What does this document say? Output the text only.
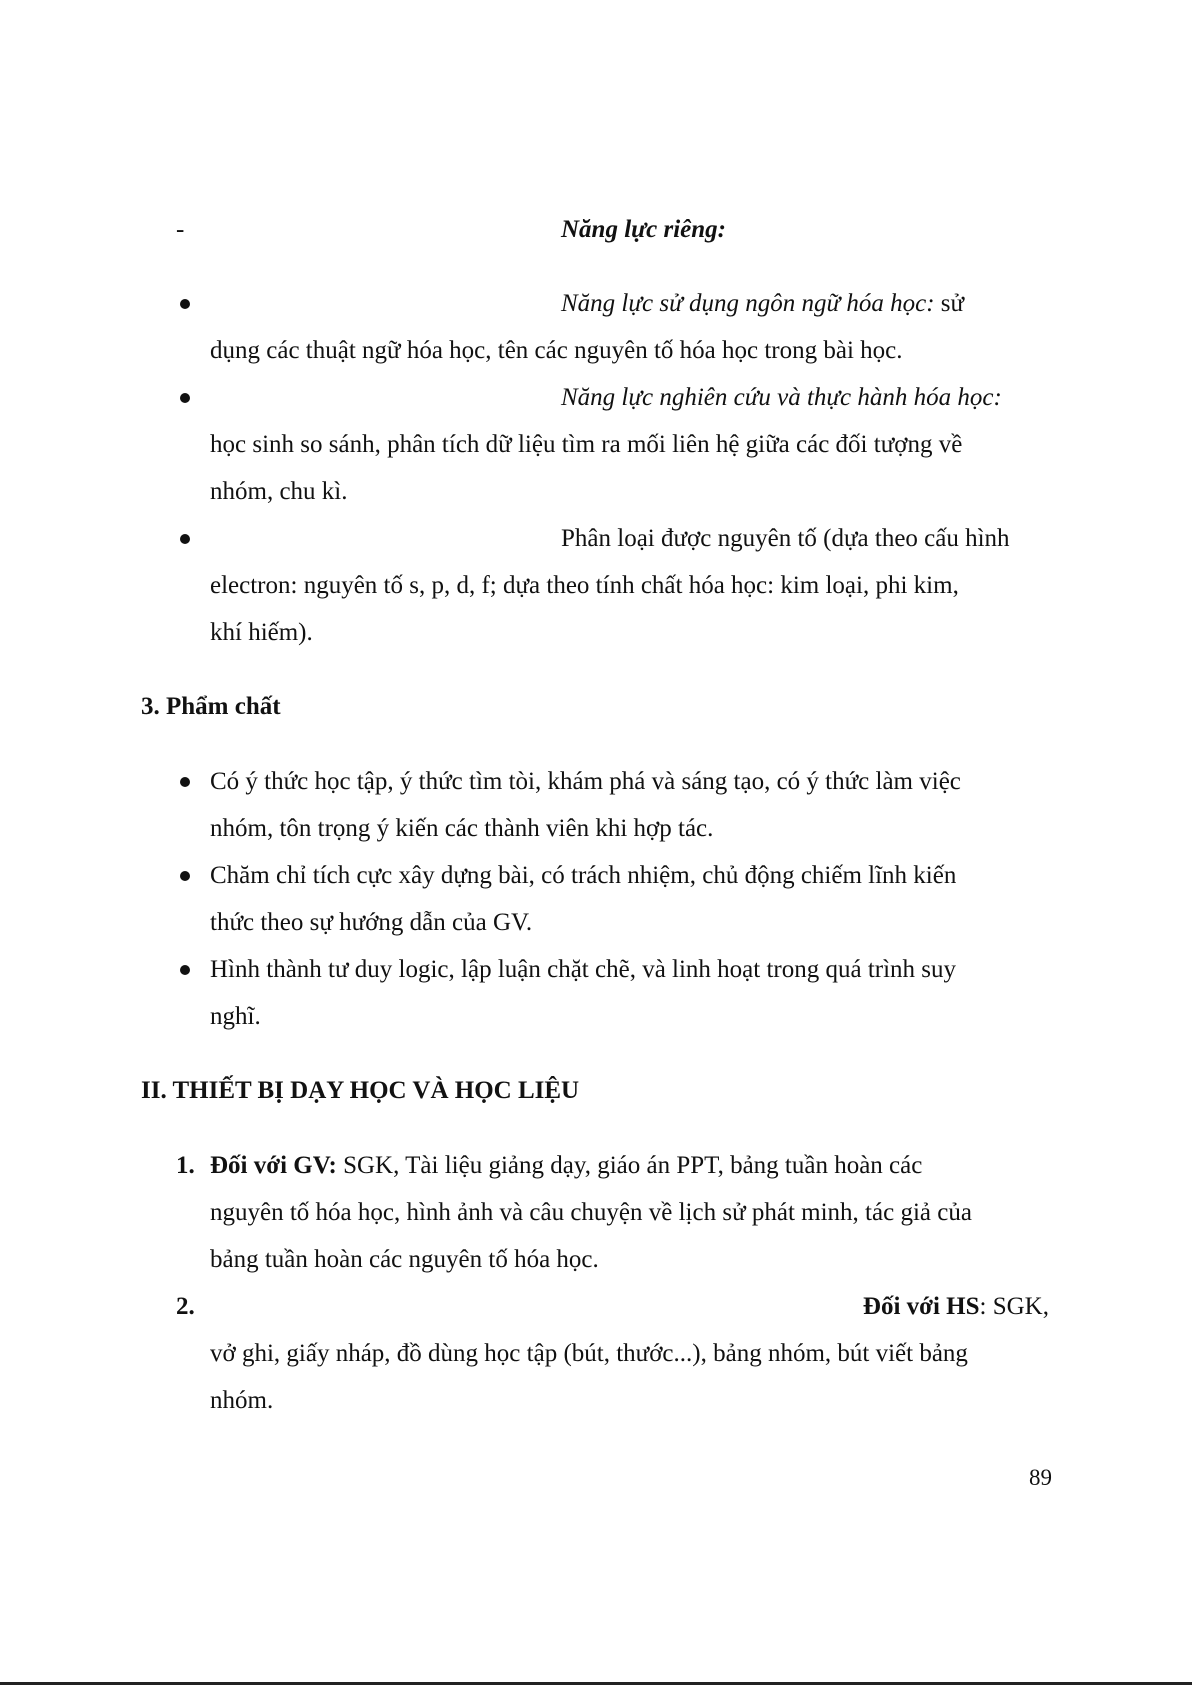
-	Năng lực riêng:
Năng lực sử dụng ngôn ngữ hóa học: sử
dụng các thuật ngữ hóa học, tên các nguyên tố hóa học trong bài học.
Năng lực nghiên cứu và thực hành hóa học:
học sinh so sánh, phân tích dữ liệu tìm ra mối liên hệ giữa các đối tượng về
nhóm, chu kì.
Phân loại được nguyên tố (dựa theo cấu hình
electron: nguyên tố s, p, d, f; dựa theo tính chất hóa học: kim loại, phi kim,
khí hiếm).
3. Phẩm chất
Có ý thức học tập, ý thức tìm tòi, khám phá và sáng tạo, có ý thức làm việc
nhóm, tôn trọng ý kiến các thành viên khi hợp tác.
Chăm chỉ tích cực xây dựng bài, có trách nhiệm, chủ động chiếm lĩnh kiến
thức theo sự hướng dẫn của GV.
Hình thành tư duy logic, lập luận chặt chẽ, và linh hoạt trong quá trình suy
nghĩ.
II. THIẾT BỊ DẠY HỌC VÀ HỌC LIỆU
1. Đối với GV: SGK, Tài liệu giảng dạy, giáo án PPT, bảng tuần hoàn các
nguyên tố hóa học, hình ảnh và câu chuyện về lịch sử phát minh, tác giả của
bảng tuần hoàn các nguyên tố hóa học.
2.	Đối với HS: SGK,
vở ghi, giấy nháp, đồ dùng học tập (bút, thước...), bảng nhóm, bút viết bảng
nhóm.
89
